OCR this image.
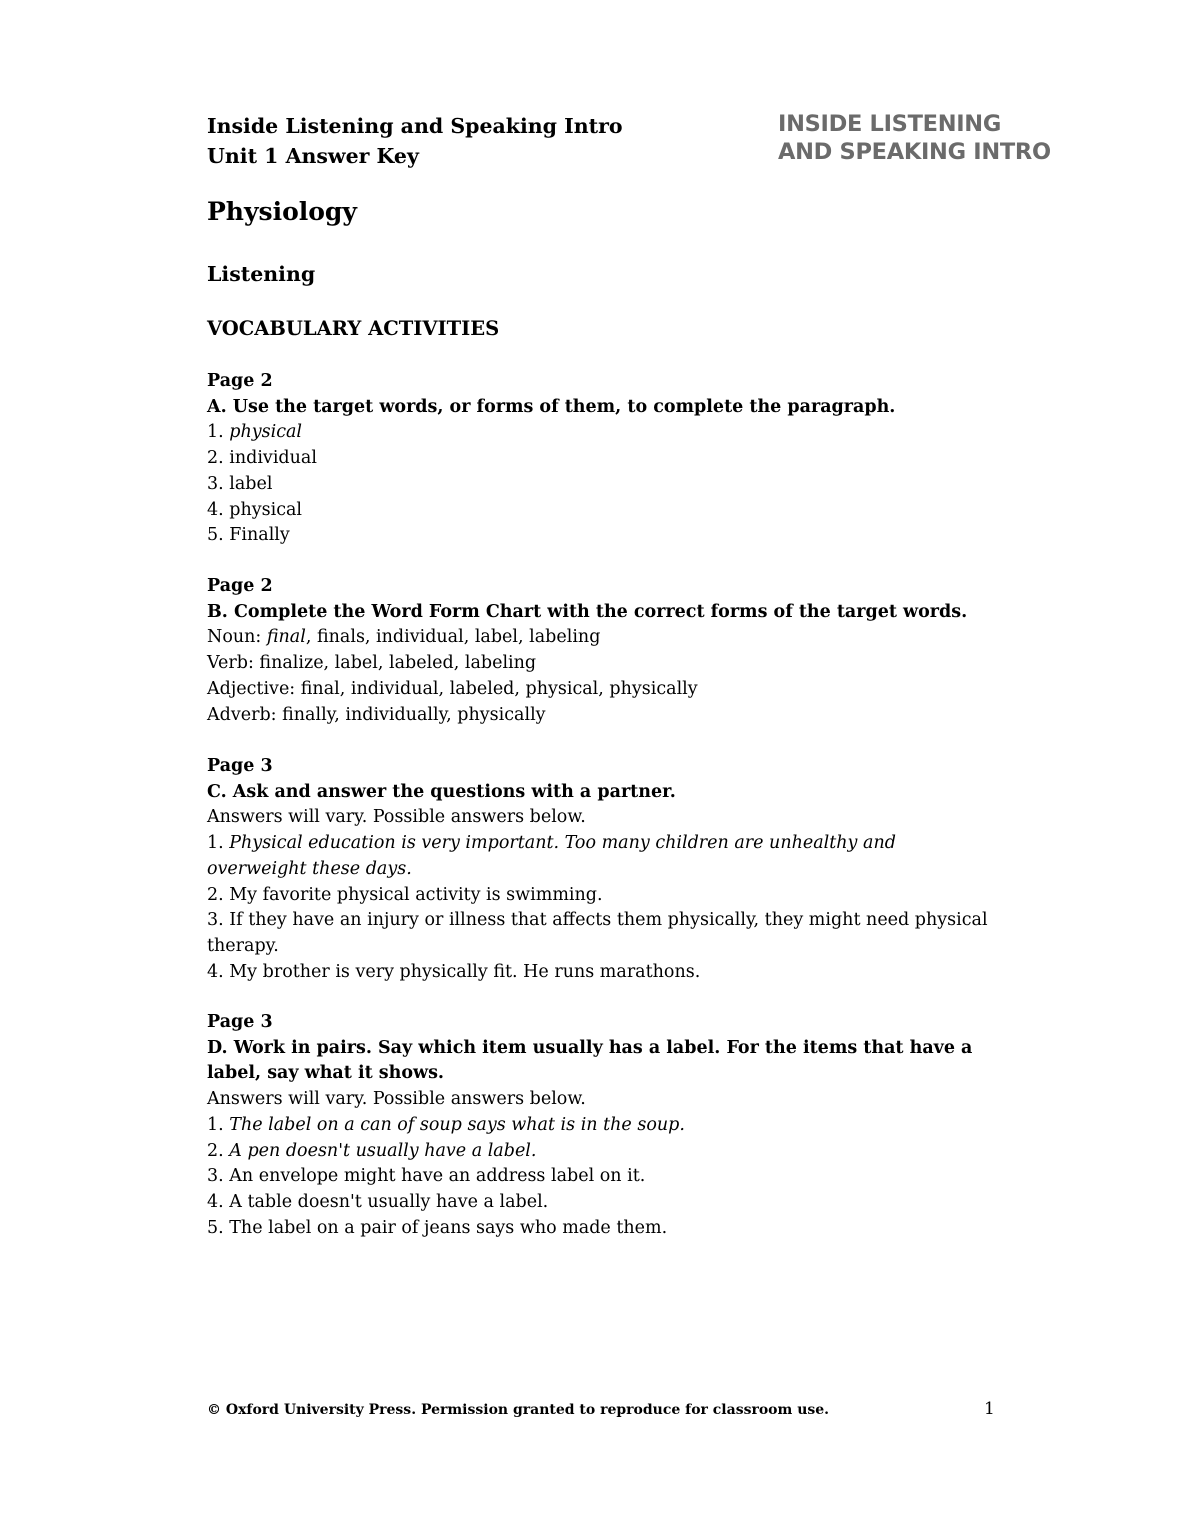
Inside Listening and Speaking Intro
Unit 1 Answer Key
INSIDE LISTENING
AND SPEAKING INTRO
Physiology
Listening
VOCABULARY ACTIVITIES
Page 2
A. Use the target words, or forms of them, to complete the paragraph.
1. physical
2. individual
3. label
4. physical
5. Finally
Page 2
B. Complete the Word Form Chart with the correct forms of the target words.
Noun: final, finals, individual, label, labeling
Verb: finalize, label, labeled, labeling
Adjective: final, individual, labeled, physical, physically
Adverb: finally, individually, physically
Page 3
C. Ask and answer the questions with a partner.
Answers will vary. Possible answers below.
1. Physical education is very important. Too many children are unhealthy and overweight these days.
2. My favorite physical activity is swimming.
3. If they have an injury or illness that affects them physically, they might need physical therapy.
4. My brother is very physically fit. He runs marathons.
Page 3
D. Work in pairs. Say which item usually has a label. For the items that have a label, say what it shows.
Answers will vary. Possible answers below.
1. The label on a can of soup says what is in the soup.
2. A pen doesn't usually have a label.
3. An envelope might have an address label on it.
4. A table doesn't usually have a label.
5. The label on a pair of jeans says who made them.
© Oxford University Press. Permission granted to reproduce for classroom use.	1
